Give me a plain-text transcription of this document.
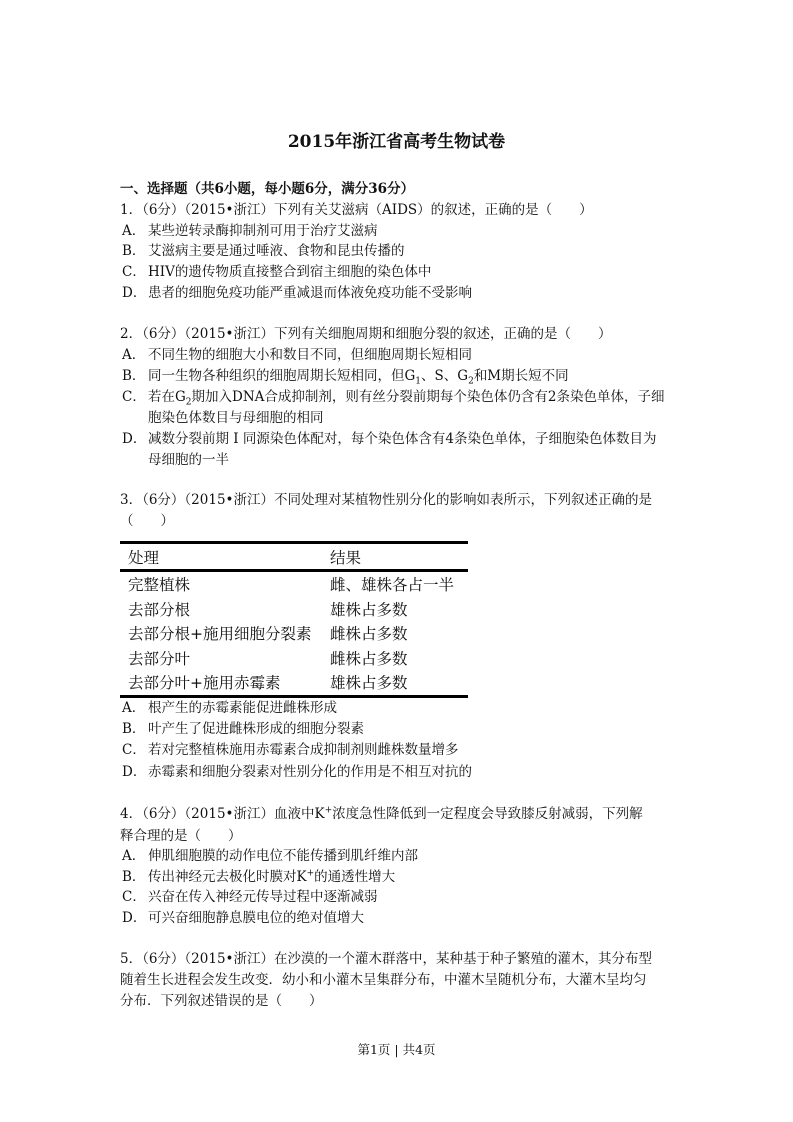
2015年浙江省高考生物试卷
一、选择题（共6小题，每小题6分，满分36分）
1．（6分）（2015•浙江）下列有关艾滋病（AIDS）的叙述，正确的是（　　）
A． 某些逆转录酶抑制剂可用于治疗艾滋病
B． 艾滋病主要是通过唾液、食物和昆虫传播的
C． HIV的遗传物质直接整合到宿主细胞的染色体中
D． 患者的细胞免疫功能严重减退而体液免疫功能不受影响
2．（6分）（2015•浙江）下列有关细胞周期和细胞分裂的叙述，正确的是（　　）
A． 不同生物的细胞大小和数目不同，但细胞周期长短相同
B． 同一生物各种组织的细胞周期长短相同，但$G_1$、S、$G_2$和M期长短不同
C． 若在$G_2$期加入DNA合成抑制剂，则有丝分裂前期每个染色体仍含有2条染色单体，子细
胞染色体数目与母细胞的相同
D． 减数分裂前期 I 同源染色体配对，每个染色体含有4条染色单体，子细胞染色体数目为
母细胞的一半
3．（6分）（2015•浙江）不同处理对某植物性别分化的影响如表所示，下列叙述正确的是
（　　）
处理	结果
完整植株	雌、雄株各占一半
去部分根	雄株占多数
去部分根+施用细胞分裂素	雌株占多数
去部分叶	雌株占多数
去部分叶+施用赤霉素	雄株占多数
A． 根产生的赤霉素能促进雌株形成
B． 叶产生了促进雌株形成的细胞分裂素
C． 若对完整植株施用赤霉素合成抑制剂则雌株数量增多
D． 赤霉素和细胞分裂素对性别分化的作用是不相互对抗的
4．（6分）（2015•浙江）血液中K+浓度急性降低到一定程度会导致膝反射减弱，下列解
释合理的是（　　）
A． 伸肌细胞膜的动作电位不能传播到肌纤维内部
B． 传出神经元去极化时膜对K+的通透性增大
C． 兴奋在传入神经元传导过程中逐渐减弱
D． 可兴奋细胞静息膜电位的绝对值增大
5．（6分）（2015•浙江）在沙漠的一个灌木群落中，某种基于种子繁殖的灌木，其分布型
随着生长进程会发生改变．幼小和小灌木呈集群分布，中灌木呈随机分布，大灌木呈均匀
分布．下列叙述错误的是（　　）
第1页 | 共4页
